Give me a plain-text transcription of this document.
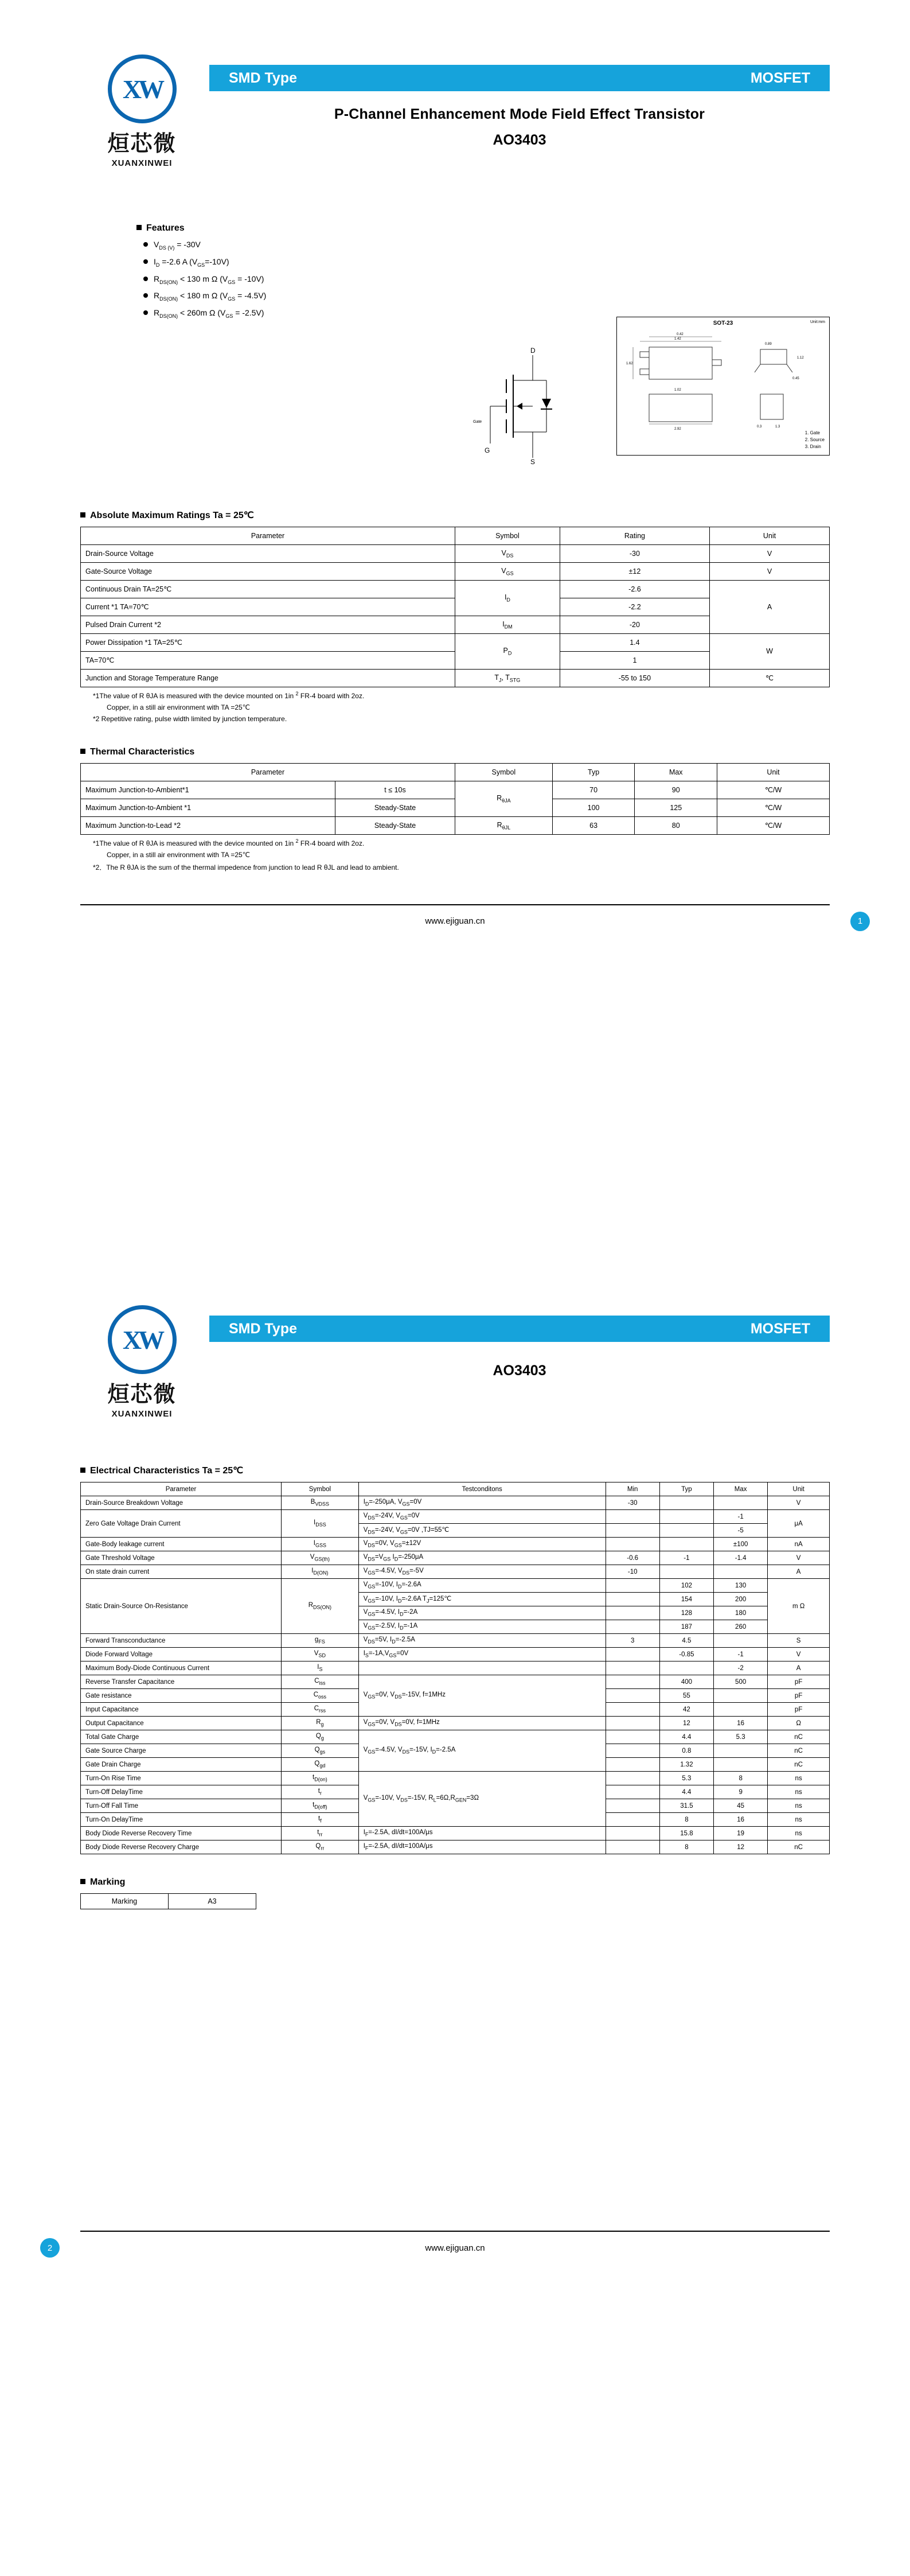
XW
烜芯微
XUANXINWEI
SMD Type	MOSFET
P-Channel Enhancement Mode Field Effect Transistor
AO3403
Features
$V_{DS (V)} = -30V$
$I_D =-2.6$ A $(V_{GS}=-10V)$
$R_{DS(ON)} < 130$ m Ω $(V_{GS} = -10V)$
$R_{DS(ON)} < 180$ m Ω $(V_{GS} = -4.5V)$
$R_{DS(ON)} < 260m$ Ω $(V_{GS} = -2.5V)$
D
S
G
Gate
SOT-23	Unit:mm
1.42
0.42
1.62
0.89
1.12
0.45
2.92
1.02
0.3	1.3
1. Gate
2. Source
3. Drain
Absolute Maximum Ratings Ta = 25℃
Parameter	Symbol	Rating	Unit
Drain-Source Voltage	$V_{DS}$	-30	V
Gate-Source Voltage	$V_{GS}$	±12	V
Continuous Drain TA=25℃	$I_D$	-2.6	A
Current *1 TA=70℃		-2.2	
Pulsed Drain Current *2	$I_{DM}$	-20	
Power Dissipation *1 TA=25℃	$P_D$	1.4	W
TA=70℃		1	
Junction and Storage Temperature Range	$T_J$, $T_{STG}$	-55 to 150	℃
*1The value of R θJA is measured with the device mounted on 1in $^2$ FR-4 board with 2oz.
Copper, in a still air environment with TA =25℃
*2 Repetitive rating, pulse width limited by junction temperature.
Thermal Characteristics
Parameter		Symbol	Typ	Max	Unit
Maximum Junction-to-Ambient*1	t ≤ 10s	$R_{\theta JA}$	70	90	℃/W
Maximum Junction-to-Ambient *1	Steady-State		100	125	℃/W
Maximum Junction-to-Lead *2	Steady-State	$R_{\theta JL}$	63	80	℃/W
*1The value of R θJA is measured with the device mounted on 1in $^2$ FR-4 board with 2oz.
Copper, in a still air environment with TA =25℃
*2．The R θJA is the sum of the thermal impedence from junction to lead R θJL and lead to ambient.
www.ejiguan.cn	1
XW
烜芯微
XUANXINWEI
SMD Type	MOSFET
AO3403
Electrical Characteristics Ta = 25℃
Parameter	Symbol	Testconditons	Min	Typ	Max	Unit
Drain-Source Breakdown Voltage	$B_{VDSS}$	$I_D=-250\mu A$, $V_{GS}=0V$	-30			V
Zero Gate Voltage Drain Current	$I_{DSS}$	$V_{DS}=-24V$, $V_{GS}=0V$			-1	μA
		$V_{DS}=-24V$, $V_{GS}=0V$ ,TJ=55℃			-5	
Gate-Body leakage current	$I_{GSS}$	$V_{DS}=0V$, $V_{GS}=\pm 12V$			±100	nA
Gate Threshold Voltage	$V_{GS(th)}$	$V_{DS}=V_{GS}$ $I_D=-250\mu A$	-0.6	-1	-1.4	V
On state drain current	$I_{D(ON)}$	$V_{GS}=-4.5V$, $V_{DS}=-5V$	-10			A
Static Drain-Source On-Resistance	$R_{DS(ON)}$	$V_{GS}=-10V$, $I_D=-2.6A$		102	130	m Ω
		$V_{GS}=-10V$, $I_D=-2.6A$ $T_J=125℃$		154	200	
		$V_{GS}=-4.5V$, $I_D=-2A$		128	180	
		$V_{GS}=-2.5V$, $I_D=-1A$		187	260	
Forward Transconductance	$g_{FS}$	$V_{DS}=5V$, $I_D=-2.5A$	3	4.5		S
Diode Forward Voltage	$V_{SD}$	$I_S=-1A,V_{GS}=0V$		-0.85	-1	V
Maximum Body-Diode Continuous Current	$I_S$				-2	A
Reverse Transfer Capacitance	$C_{iss}$	$V_{GS}=0V$, $V_{DS}=-15V$, f=1MHz		400	500	pF
Gate resistance	$C_{oss}$			55		pF
Input Capacitance	$C_{rss}$			42		pF
Output Capacitance	$R_g$	$V_{GS}=0V$, $V_{DS}=0V$, f=1MHz		12	16	Ω
Total Gate Charge	$Q_g$	$V_{GS}=-4.5V$, $V_{DS}=-15V$, $I_D=-2.5A$		4.4	5.3	nC
Gate Source Charge	$Q_{gs}$			0.8		nC
Gate Drain Charge	$Q_{gd}$			1.32		nC
Turn-On Rise Time	$t_{D(on)}$	$V_{GS}=-10V$, $V_{DS}=-15V$, $R_L=6\Omega,R_{GEN}=3\Omega$		5.3	8	ns
Turn-Off DelayTime	$t_r$			4.4	9	ns
Turn-Off Fall Time	$t_{D(off)}$			31.5	45	ns
Turn-On DelayTime	$t_f$			8	16	ns
Body Diode Reverse Recovery Time	$t_{rr}$	$I_F=-2.5A$, dI/dt=100A/μs		15.8	19	ns
Body Diode Reverse Recovery Charge	$Q_{rr}$	$I_F=-2.5A$, dI/dt=100A/μs		8	12	nC
Marking
Marking	A3
2	www.ejiguan.cn
